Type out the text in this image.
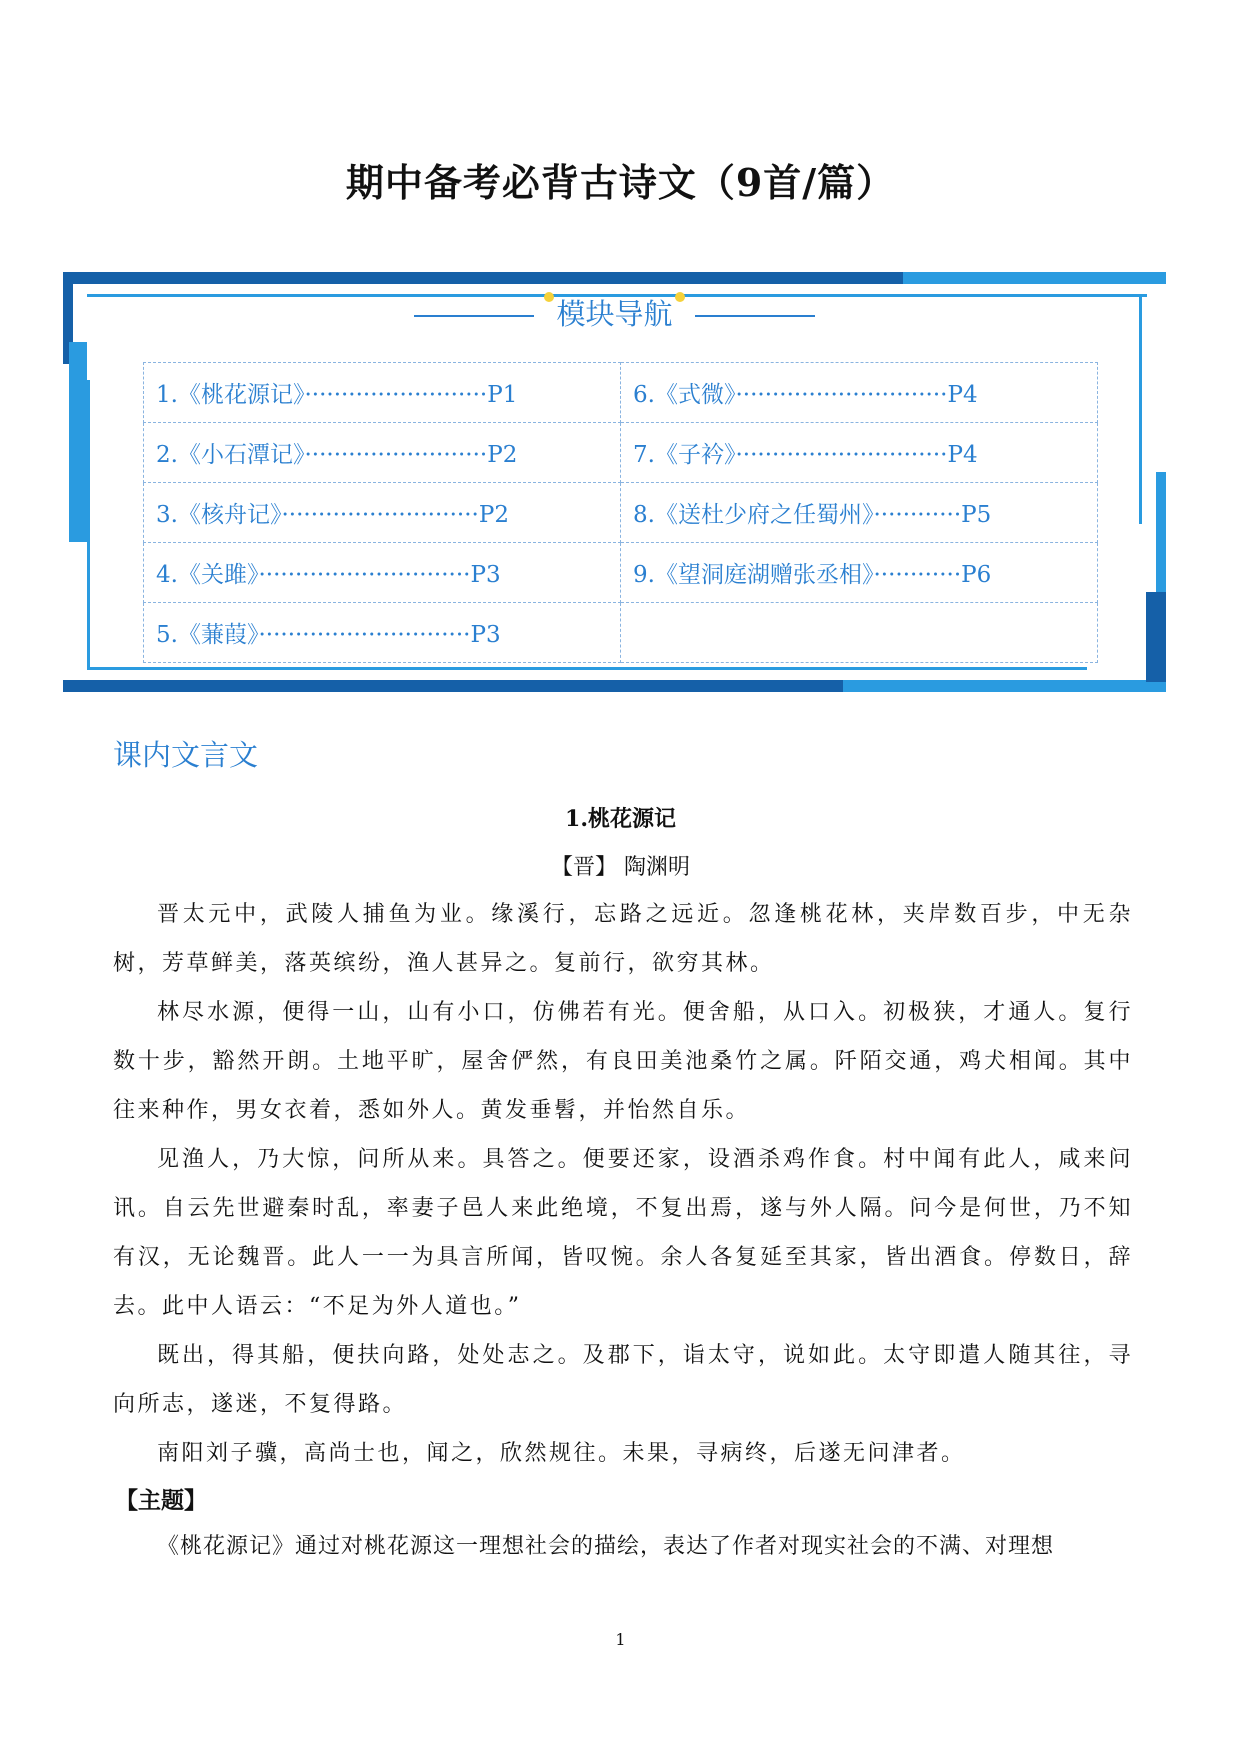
期中备考必背古诗文（9首/篇）
模块导航
1.《桃花源记》·························P1	6.《式微》·····························P4
2.《小石潭记》·························P2	7.《子衿》·····························P4
3.《核舟记》···························P2	8.《送杜少府之任蜀州》············P5
4.《关雎》·····························P3	9.《望洞庭湖赠张丞相》············P6
5.《蒹葭》·····························P3	
课内文言文
1.桃花源记
【晋】 陶渊明

晋太元中，武陵人捕鱼为业。缘溪行，忘路之远近。忽逢桃花林，夹岸数百步，中无杂树，芳草鲜美，落英缤纷，渔人甚异之。复前行，欲穷其林。

林尽水源，便得一山，山有小口，仿佛若有光。便舍船，从口入。初极狭，才通人。复行数十步，豁然开朗。土地平旷，屋舍俨然，有良田美池桑竹之属。阡陌交通，鸡犬相闻。其中往来种作，男女衣着，悉如外人。黄发垂髫，并怡然自乐。

见渔人，乃大惊，问所从来。具答之。便要还家，设酒杀鸡作食。村中闻有此人，咸来问讯。自云先世避秦时乱，率妻子邑人来此绝境，不复出焉，遂与外人隔。问今是何世，乃不知有汉，无论魏晋。此人一一为具言所闻，皆叹惋。余人各复延至其家，皆出酒食。停数日，辞去。此中人语云：“不足为外人道也。”

既出，得其船，便扶向路，处处志之。及郡下，诣太守，说如此。太守即遣人随其往，寻向所志，遂迷，不复得路。

南阳刘子骥，高尚士也，闻之，欣然规往。未果，寻病终，后遂无问津者。

【主题】

《桃花源记》通过对桃花源这一理想社会的描绘，表达了作者对现实社会的不满、对理想

1
